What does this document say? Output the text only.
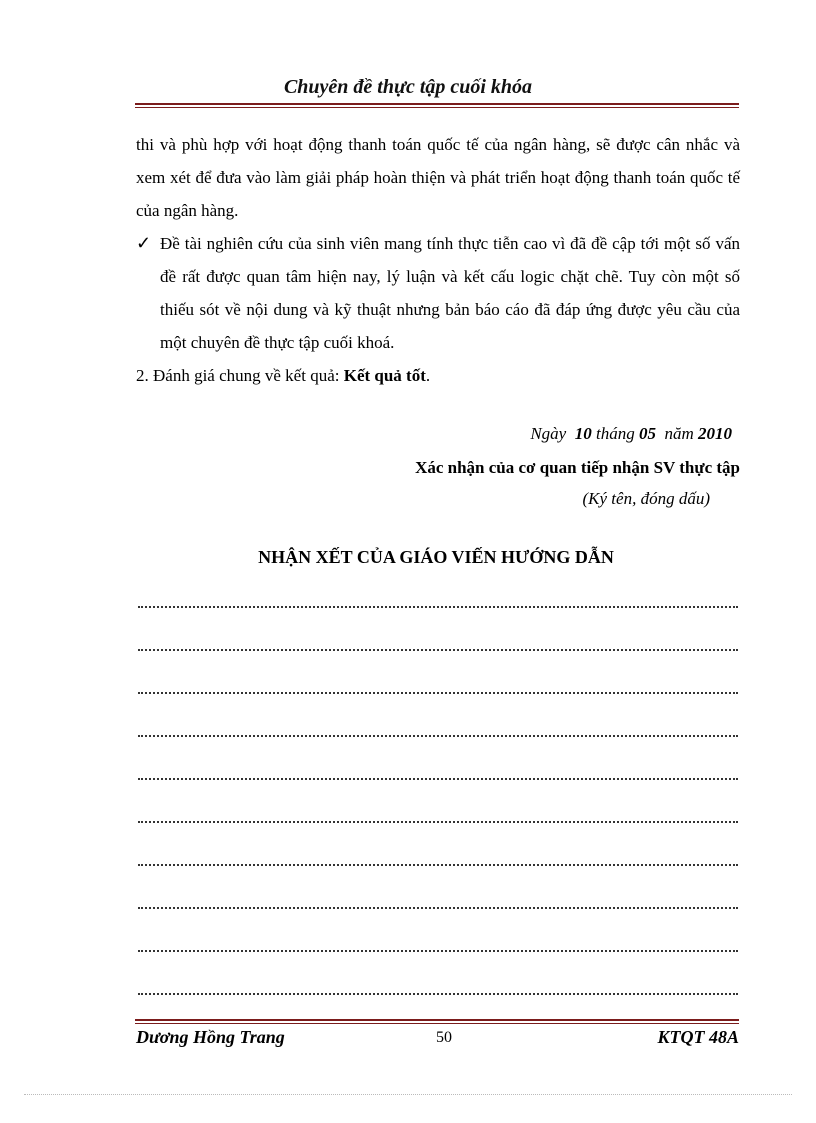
Chuyên đề thực tập cuối khóa
thi và phù hợp với hoạt động thanh toán quốc tế của ngân hàng, sẽ được cân nhắc và xem xét để đưa vào làm giải pháp hoàn thiện và phát triển hoạt động thanh toán quốc tế của ngân hàng.
✓ Đề tài nghiên cứu của sinh viên mang tính thực tiễn cao vì đã đề cập tới một số vấn đề rất được quan tâm hiện nay, lý luận và kết cấu logic chặt chẽ. Tuy còn một số thiếu sót về nội dung và kỹ thuật nhưng bản báo cáo đã đáp ứng được yêu cầu của một chuyên đề thực tập cuối khoá.
2. Đánh giá chung về kết quả: Kết quả tốt.
Ngày 10 tháng 05 năm 2010
Xác nhận của cơ quan tiếp nhận SV thực tập
(Ký tên, đóng dấu)
NHẬN XẾT CỦA GIÁO VIẾN HƯỚNG DẪN
Dương Hồng Trang	50	KTQT 48A
